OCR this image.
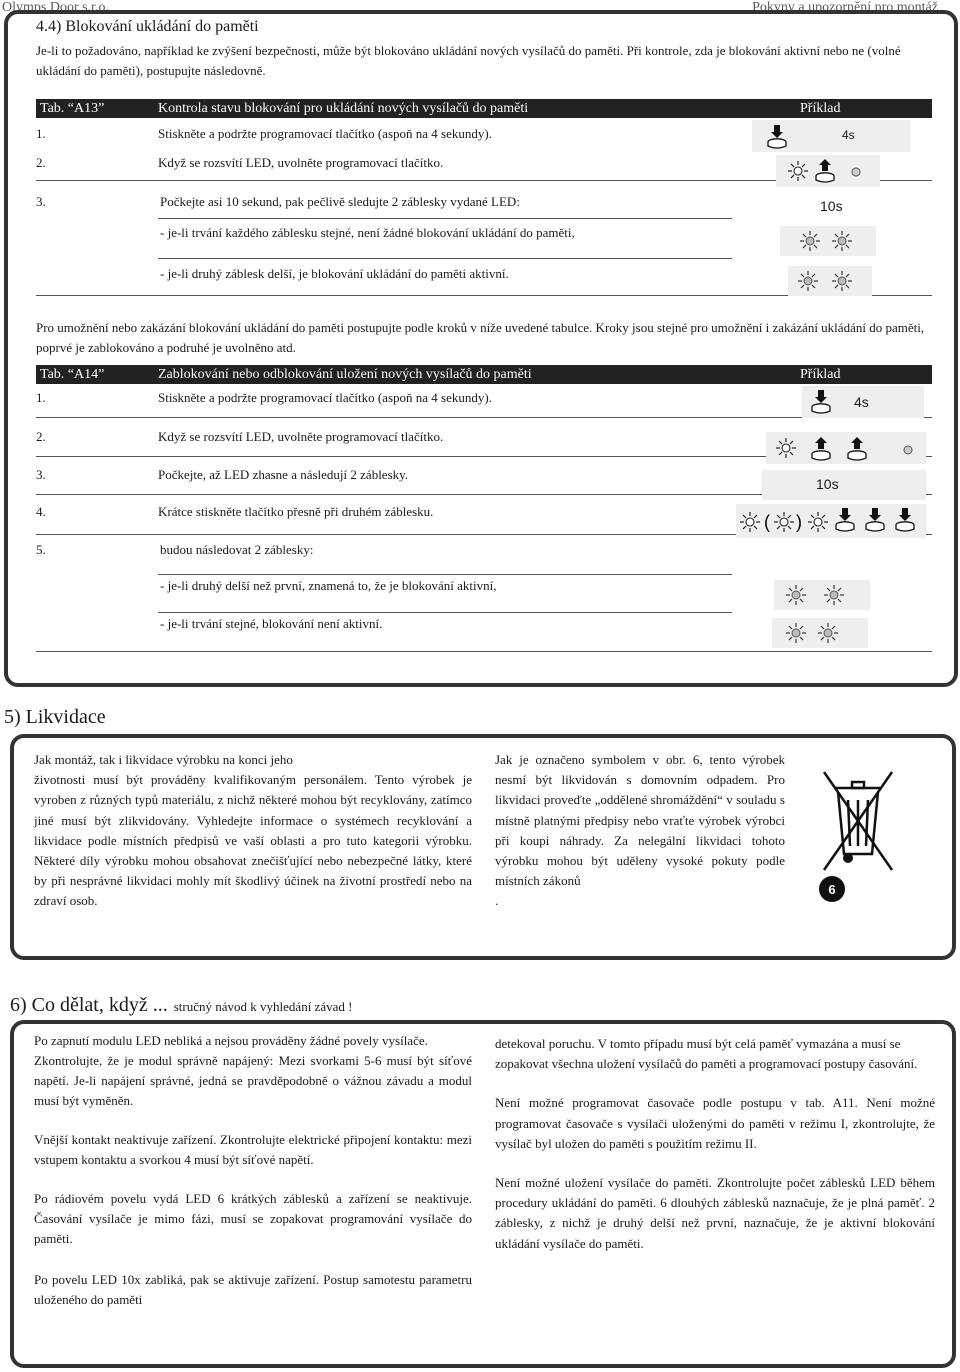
Olymps Door s.r.o.	Pokyny a upozornění pro montáž
4.4) Blokování ukládání do paměti
Je-li to požadováno, například ke zvýšení bezpečnosti, může být blokováno ukládání nových vysílačů do paměti. Při kontrole, zda je blokování aktivní nebo ne (volné ukládání do paměti), postupujte následovně.
Tab. “A13”	Kontrola stavu blokování pro ukládání nových vysílačů do paměti	Příklad
1.	Stiskněte a podržte programovací tlačítko (aspoň na 4 sekundy).
2.	Když se rozsvítí LED, uvolněte programovací tlačítko.
3.	Počkejte asi 10 sekund, pak pečlivě sledujte 2 záblesky vydané LED:
- je-li trvání každého záblesku stejné, není žádné blokování ukládání do paměti,
- je-li druhý záblesk delší, je blokování ukládání do paměti aktivní.
4s
10s
Pro umožnění nebo zakázání blokování ukládání do paměti postupujte podle kroků v níže uvedené tabulce. Kroky jsou stejné pro umožnění i zakázání ukládání do paměti, poprvé je zablokováno a podruhé je uvolněno atd.
Tab. “A14”	Zablokování nebo odblokování uložení nových vysílačů do paměti	Příklad
1.	Stiskněte a podržte programovací tlačítko (aspoň na 4 sekundy).
2.	Když se rozsvítí LED, uvolněte programovací tlačítko.
3.	Počkejte, až LED zhasne a následují 2 záblesky.
4.	Krátce stiskněte tlačítko přesně při druhém záblesku.
5.	budou následovat 2 záblesky:
- je-li druhý delší než první, znamená to, že je blokování aktivní,
- je-li trvání stejné, blokování není aktivní.
4s
10s
( )
5) Likvidace

Jak montáž, tak i likvidace výrobku na konci jeho

životnosti musí být prováděny kvalifikovaným personálem. Tento výrobek je vyroben z různých typů materiálu, z nichž některé mohou být recyklovány, zatímco jiné musí být zlikvidovány. Vyhledejte informace o systémech recyklování a likvidace podle místních předpisů ve vaší oblasti a pro tuto kategorii výrobku. Některé díly výrobku mohou obsahovat znečišťující nebo nebezpečné látky, které by při nesprávné likvidaci mohly mít škodlivý účinek na životní prostředí nebo na zdraví osob.

Jak je označeno symbolem v obr. 6, tento výrobek nesmí být likvidován s domovním odpadem. Pro likvidaci proveďte „oddělené shromáždění“ v souladu s místně platnými předpisy nebo vraťte výrobek výrobci při koupi náhrady. Za nelegální likvidaci tohoto výrobku mohou být uděleny vysoké pokuty podle místních zákonů

.

6
6) Co dělat, když ... stručný návod k vyhledání závad !

Po zapnutí modulu LED nebliká a nejsou prováděny žádné povely vysílače.

Zkontrolujte, že je modul správně napájený: Mezi svorkami 5-6 musí být síťové napětí. Je-li napájení správné, jedná se pravděpodobně o vážnou závadu a modul musí být vyměněn.

Vnější kontakt neaktivuje zařízení. Zkontrolujte elektrické připojení kontaktu: mezi vstupem kontaktu a svorkou 4 musí být síťové napětí.

Po rádiovém povelu vydá LED 6 krátkých záblesků a zařízení se neaktivuje. Časování vysílače je mimo fázi, musí se zopakovat programování vysílače do paměti.

Po povelu LED 10x zabliká, pak se aktivuje zařízení. Postup samotestu parametru uloženého do paměti

detekoval poruchu. V tomto případu musí být celá paměť vymazána a musí se zopakovat všechna uložení vysílačů do paměti a programovací postupy časování.

Není možné programovat časovače podle postupu v tab. A11. Není možné programovat časovače s vysílači uloženými do paměti v režimu I, zkontrolujte, že vysílač byl uložen do paměti s použitím režimu II.

Není možné uložení vysílače do paměti. Zkontrolujte počet záblesků LED během procedury ukládání do paměti. 6 dlouhých záblesků naznačuje, že je plná paměť. 2 záblesky, z nichž je druhý delší než první, naznačuje, že je aktivní blokování ukládání vysílače do paměti.
